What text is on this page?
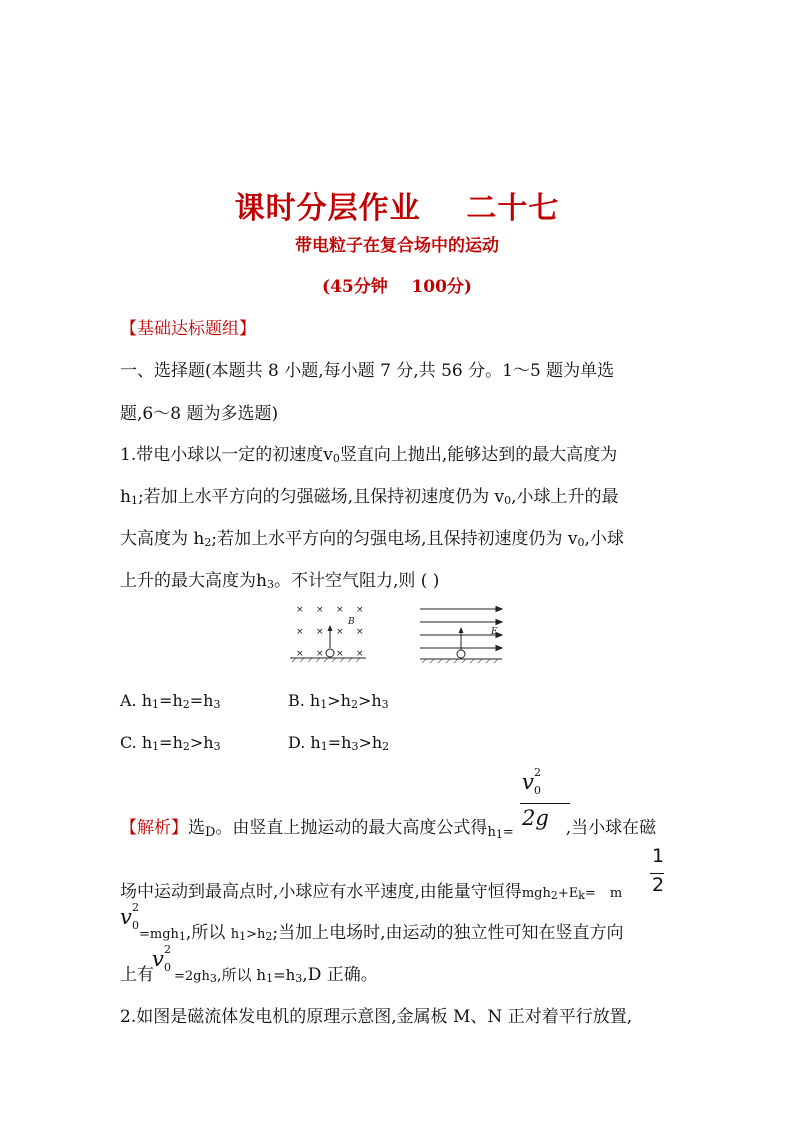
课时分层作业    二十七
带电粒子在复合场中的运动
(45分钟    100分)
【基础达标题组】
一、选择题(本题共 8 小题,每小题 7 分,共 56 分。1～5 题为单选
题,6～8 题为多选题)
1.带电小球以一定的初速度$v_0$竖直向上抛出,能够达到的最大高度为
$h_1$;若加上水平方向的匀强磁场,且保持初速度仍为 $v_0$,小球上升的最
大高度为 $h_2$;若加上水平方向的匀强电场,且保持初速度仍为 $v_0$,小球
上升的最大高度为$h_3$。不计空气阻力,则 ( )
× × × ×
× × × ×
× × × ×
B
E
A. $h_1=h_2=h_3$	B. $h_1>h_2>h_3$
C. $h_1=h_2>h_3$	D. $h_1=h_3>h_2$
v 2
0
2g
【解析】选D。由竖直上抛运动的最大高度公式得$h_1=$	,当小球在磁
1
2
场中运动到最高点时,小球应有水平速度,由能量守恒得$mgh_2+E_k= m$
v 2
0
=mgh$_1$,所以 $h_1>h_2$;当加上电场时,由运动的独立性可知在竖直方向
上有 $=2gh_3$,所以 $h_1=h_3,D$ 正确。
v 2
0
2.如图是磁流体发电机的原理示意图,金属板 M、N 正对着平行放置,
